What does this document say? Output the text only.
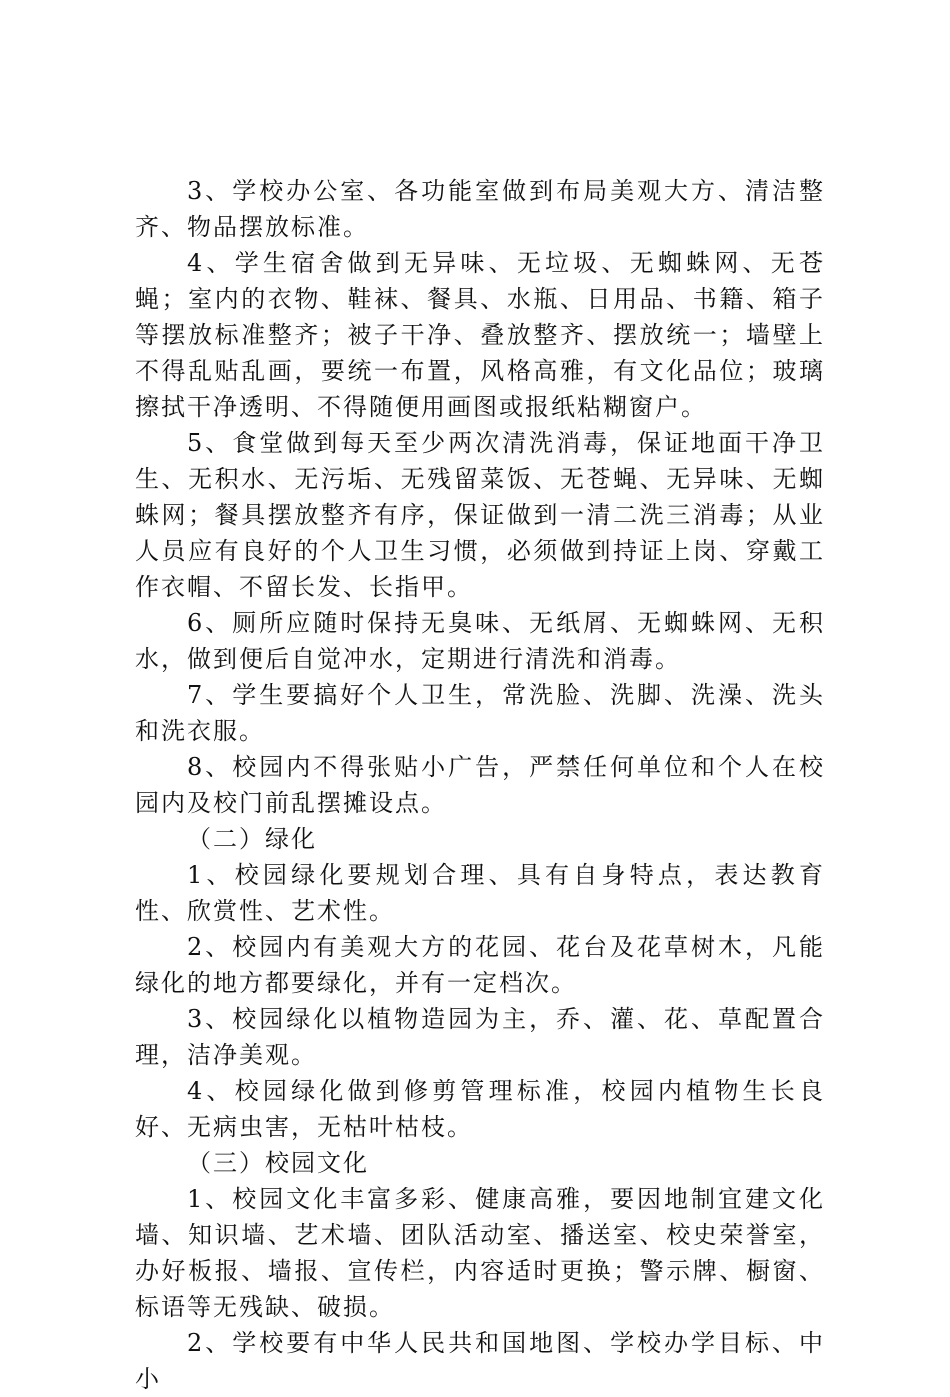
3、学校办公室、各功能室做到布局美观大方、清洁整齐、物品摆放标准。

4、学生宿舍做到无异味、无垃圾、无蜘蛛网、无苍蝇；室内的衣物、鞋袜、餐具、水瓶、日用品、书籍、箱子等摆放标准整齐；被子干净、叠放整齐、摆放统一；墙壁上不得乱贴乱画，要统一布置，风格高雅，有文化品位；玻璃擦拭干净透明、不得随便用画图或报纸粘糊窗户。

5、食堂做到每天至少两次清洗消毒，保证地面干净卫生、无积水、无污垢、无残留菜饭、无苍蝇、无异味、无蜘蛛网；餐具摆放整齐有序，保证做到一清二洗三消毒；从业人员应有良好的个人卫生习惯，必须做到持证上岗、穿戴工作衣帽、不留长发、长指甲。

6、厕所应随时保持无臭味、无纸屑、无蜘蛛网、无积水，做到便后自觉冲水，定期进行清洗和消毒。

7、学生要搞好个人卫生，常洗脸、洗脚、洗澡、洗头和洗衣服。

8、校园内不得张贴小广告，严禁任何单位和个人在校园内及校门前乱摆摊设点。

（二）绿化

1、校园绿化要规划合理、具有自身特点，表达教育性、欣赏性、艺术性。

2、校园内有美观大方的花园、花台及花草树木，凡能绿化的地方都要绿化，并有一定档次。

3、校园绿化以植物造园为主，乔、灌、花、草配置合理，洁净美观。

4、校园绿化做到修剪管理标准，校园内植物生长良好、无病虫害，无枯叶枯枝。

（三）校园文化

1、校园文化丰富多彩、健康高雅，要因地制宜建文化墙、知识墙、艺术墙、团队活动室、播送室、校史荣誉室，办好板报、墙报、宣传栏，内容适时更换；警示牌、橱窗、标语等无残缺、破损。

2、学校要有中华人民共和国地图、学校办学目标、中小
